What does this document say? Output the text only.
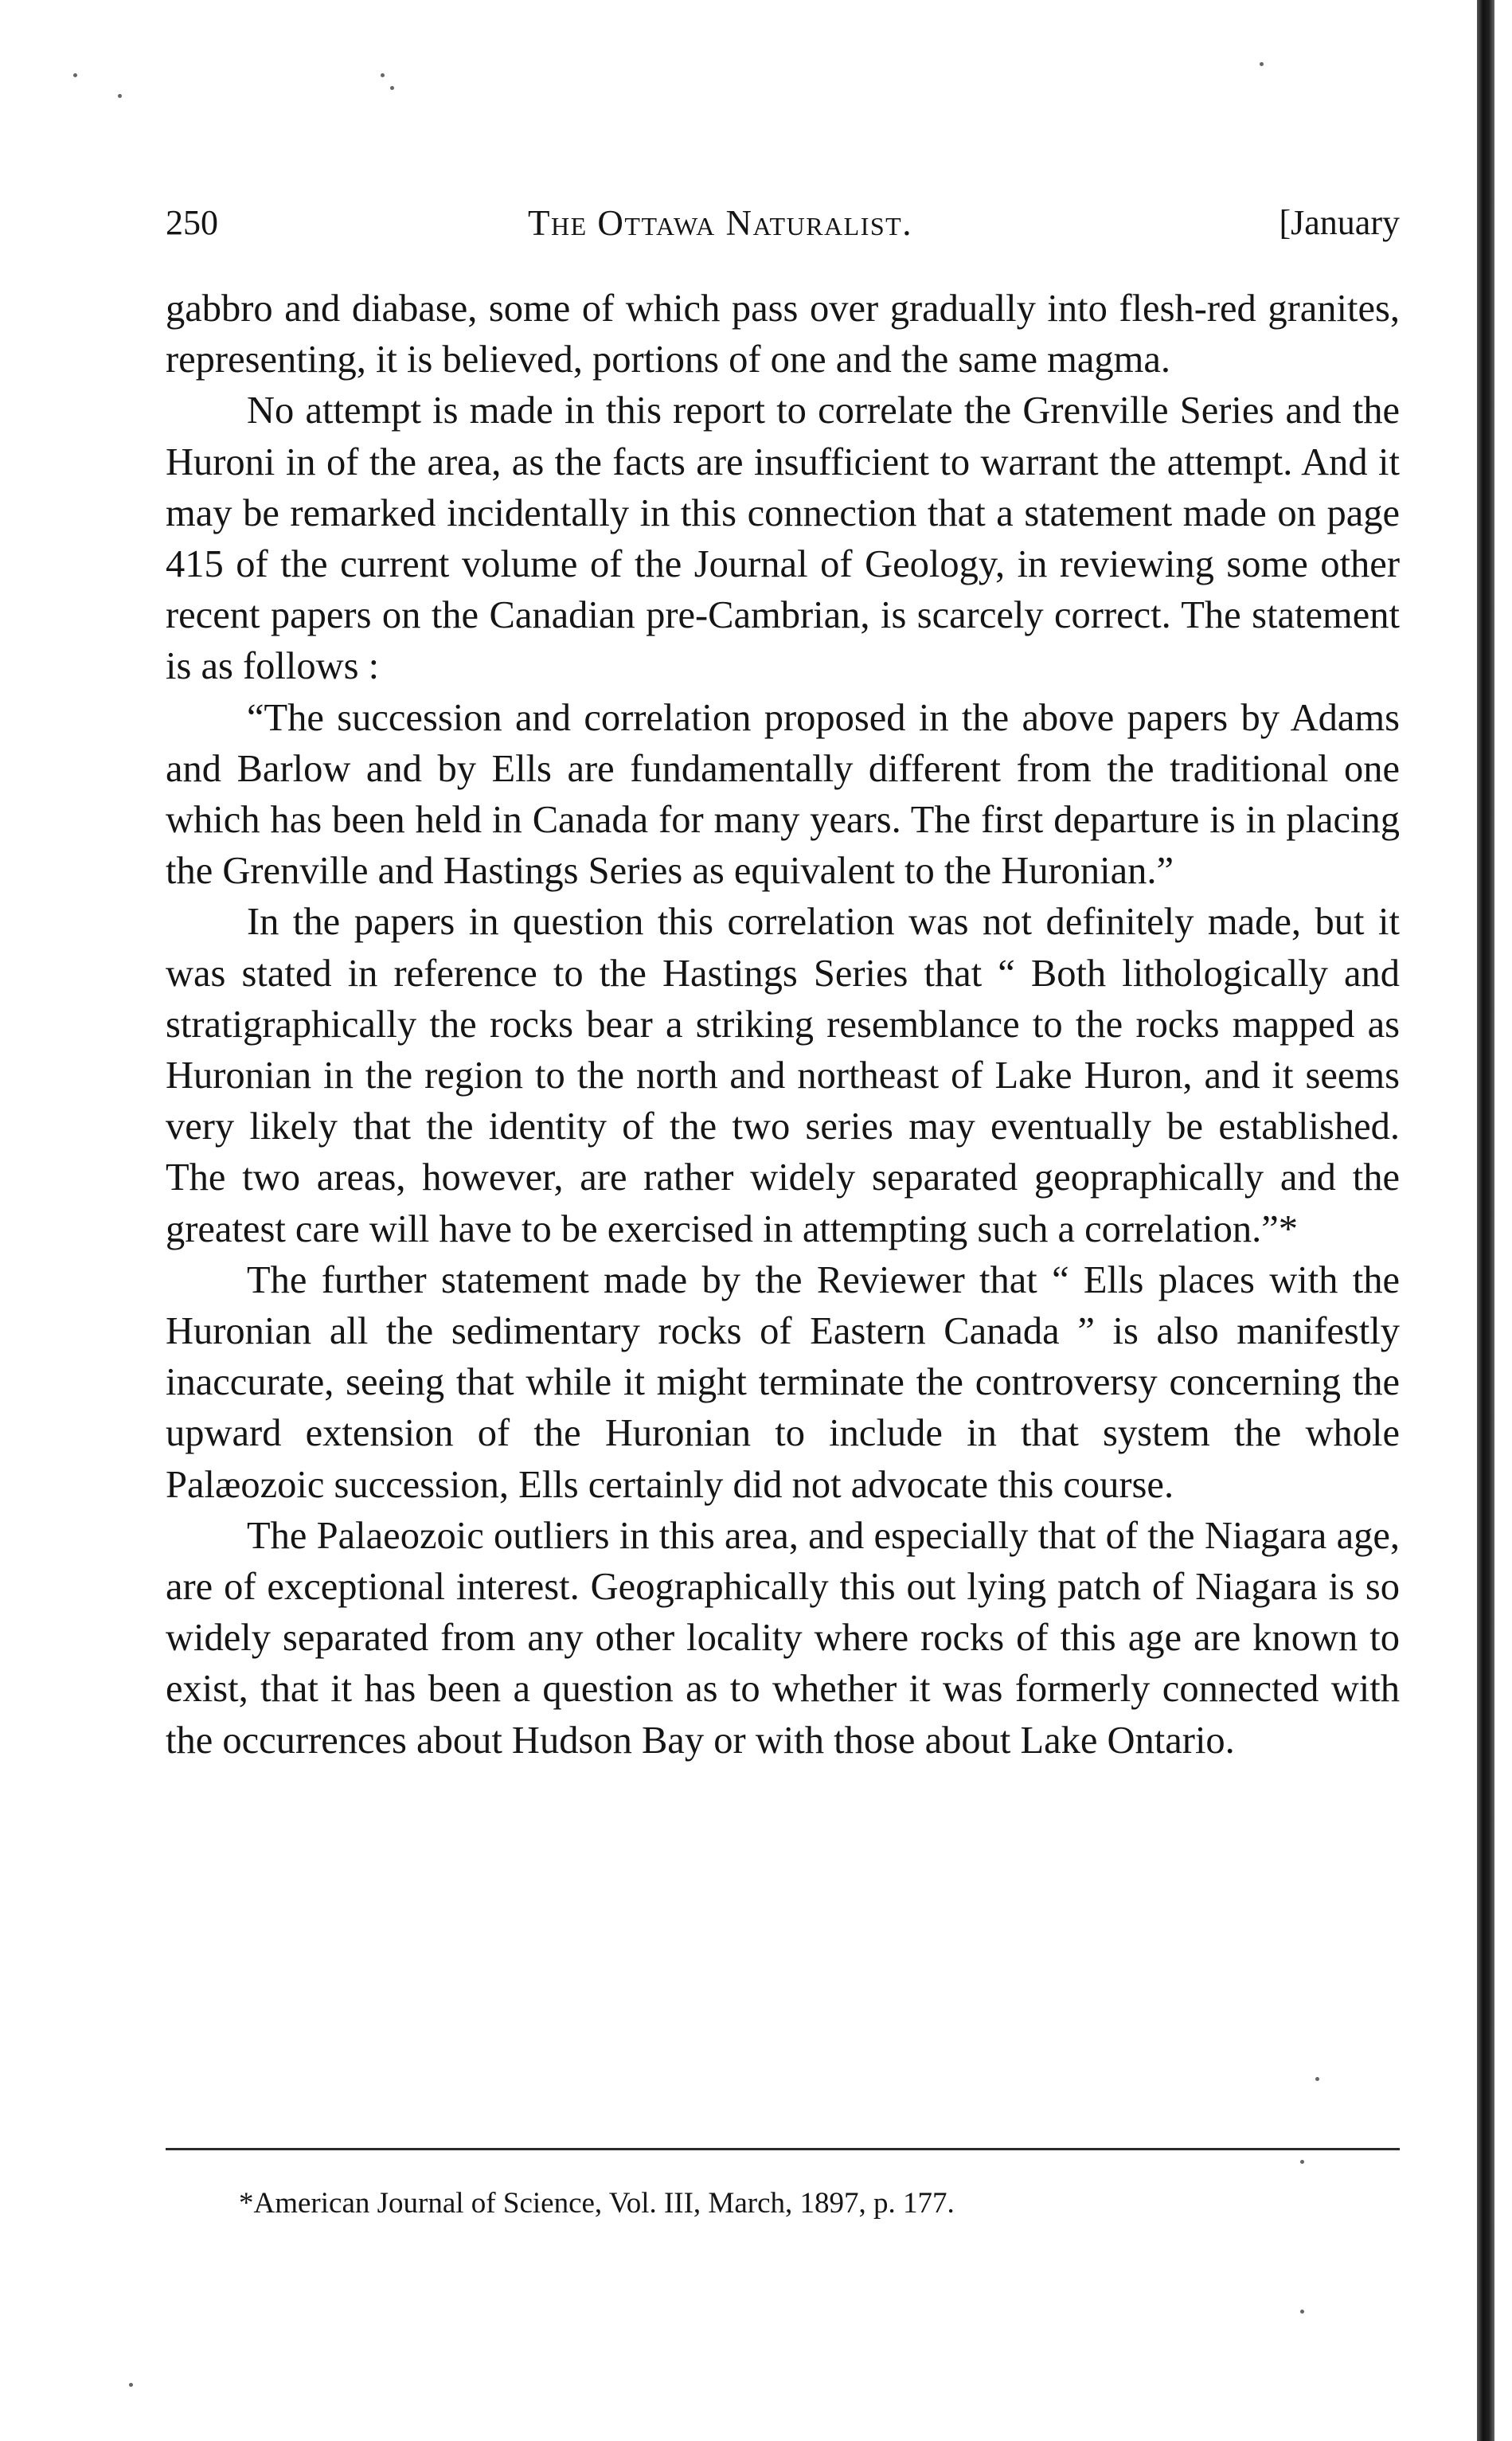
250	The Ottawa Naturalist.	[January

gabbro and diabase, some of which pass over gradually into flesh-red granites, representing, it is believed, portions of one and the same magma.

No attempt is made in this report to correlate the Grenville Series and the Huroni in of the area, as the facts are insufficient to warrant the attempt. And it may be remarked incidentally in this connection that a statement made on page 415 of the current volume of the Journal of Geology, in reviewing some other recent papers on the Canadian pre-Cambrian, is scarcely correct. The statement is as follows :

“The succession and correlation proposed in the above papers by Adams and Barlow and by Ells are fundamentally different from the traditional one which has been held in Canada for many years. The first departure is in placing the Grenville and Hastings Series as equivalent to the Huronian.”

In the papers in question this correlation was not definitely made, but it was stated in reference to the Hastings Series that “ Both lithologically and stratigraphically the rocks bear a striking resemblance to the rocks mapped as Huronian in the region to the north and northeast of Lake Huron, and it seems very likely that the identity of the two series may eventually be established. The two areas, however, are rather widely separated geopraphically and the greatest care will have to be exercised in attempting such a correlation.”*

The further statement made by the Reviewer that “ Ells places with the Huronian all the sedimentary rocks of Eastern Canada ” is also manifestly inaccurate, seeing that while it might terminate the controversy concerning the upward extension of the Huronian to include in that system the whole Palæozoic succession, Ells certainly did not advocate this course.

The Palaeozoic outliers in this area, and especially that of the Niagara age, are of exceptional interest. Geographically this out lying patch of Niagara is so widely separated from any other locality where rocks of this age are known to exist, that it has been a question as to whether it was formerly connected with the occurrences about Hudson Bay or with those about Lake Ontario.

*American Journal of Science, Vol. III, March, 1897, p. 177.
